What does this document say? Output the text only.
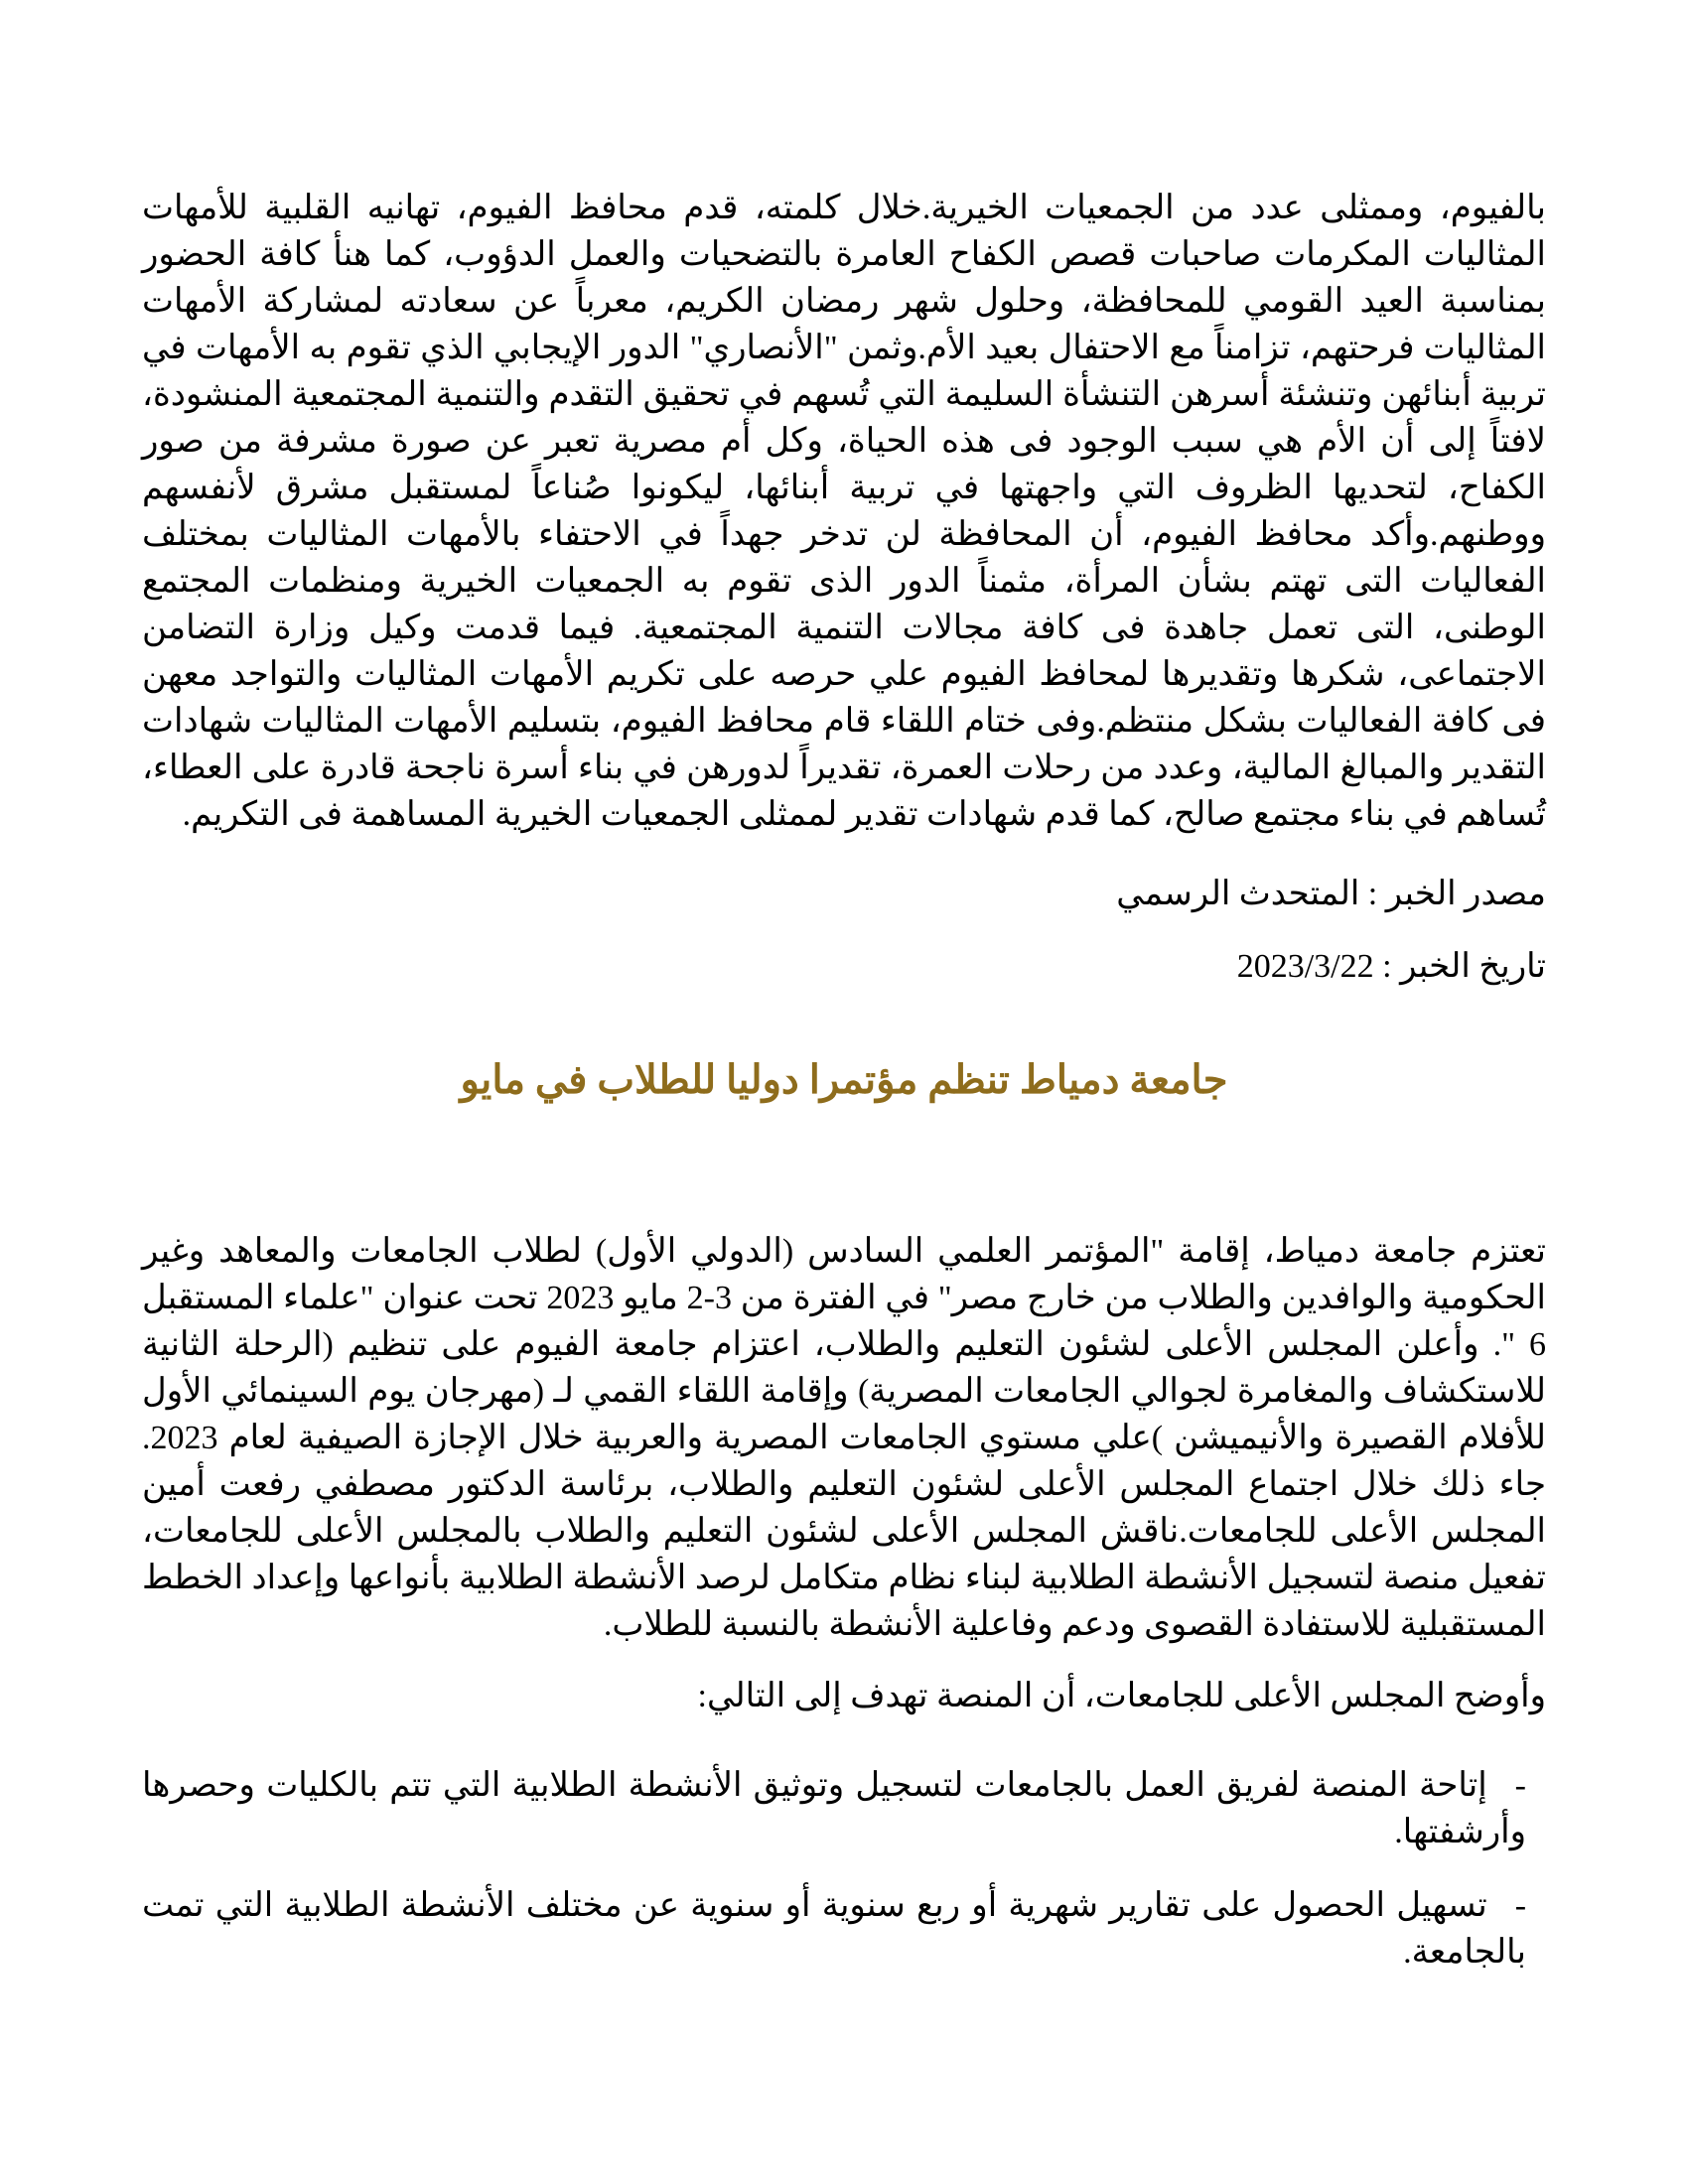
بالفيوم، وممثلى عدد من الجمعيات الخيرية.خلال كلمته، قدم محافظ الفيوم، تهانيه القلبية للأمهات المثاليات المكرمات صاحبات قصص الكفاح العامرة بالتضحيات والعمل الدؤوب، كما هنأ كافة الحضور بمناسبة العيد القومي للمحافظة، وحلول شهر رمضان الكريم، معرباً عن سعادته لمشاركة الأمهات المثاليات فرحتهم، تزامناً مع الاحتفال بعيد الأم.وثمن "الأنصاري" الدور الإيجابي الذي تقوم به الأمهات في تربية أبنائهن وتنشئة أسرهن التنشأة السليمة التي تُسهم في تحقيق التقدم والتنمية المجتمعية المنشودة، لافتاً إلى أن الأم هي سبب الوجود فى هذه الحياة، وكل أم مصرية تعبر عن صورة مشرفة من صور الكفاح، لتحديها الظروف التي واجهتها في تربية أبنائها، ليكونوا صُناعاً لمستقبل مشرق لأنفسهم ووطنهم.وأكد محافظ الفيوم، أن المحافظة لن تدخر جهداً في الاحتفاء بالأمهات المثاليات بمختلف الفعاليات التى تهتم بشأن المرأة، مثمناً الدور الذى تقوم به الجمعيات الخيرية ومنظمات المجتمع الوطنى، التى تعمل جاهدة فى كافة مجالات التنمية المجتمعية. فيما قدمت وكيل وزارة التضامن الاجتماعى، شكرها وتقديرها لمحافظ الفيوم علي حرصه على تكريم الأمهات المثاليات والتواجد معهن فى كافة الفعاليات بشكل منتظم.وفى ختام اللقاء قام محافظ الفيوم، بتسليم الأمهات المثاليات شهادات التقدير والمبالغ المالية، وعدد من رحلات العمرة، تقديراً لدورهن في بناء أسرة ناجحة قادرة على العطاء، تُساهم في بناء مجتمع صالح، كما قدم شهادات تقدير لممثلى الجمعيات الخيرية المساهمة فى التكريم.

مصدر الخبر : المتحدث الرسمي

تاريخ الخبر : 2023/3/22

جامعة دمياط تنظم مؤتمرا دوليا للطلاب في مايو

تعتزم جامعة دمياط، إقامة "المؤتمر العلمي السادس (الدولي الأول) لطلاب الجامعات والمعاهد وغير الحكومية والوافدين والطلاب من خارج مصر" في الفترة من 3-2 مايو 2023 تحت عنوان "علماء المستقبل 6 ". وأعلن المجلس الأعلى لشئون التعليم والطلاب، اعتزام جامعة الفيوم على تنظيم (الرحلة الثانية للاستكشاف والمغامرة لجوالي الجامعات المصرية) وإقامة اللقاء القمي لـ (مهرجان يوم السينمائي الأول للأفلام القصيرة والأنيميشن )علي مستوي الجامعات المصرية والعربية خلال الإجازة الصيفية لعام 2023. جاء ذلك خلال اجتماع المجلس الأعلى لشئون التعليم والطلاب، برئاسة الدكتور مصطفي رفعت أمين المجلس الأعلى للجامعات.ناقش المجلس الأعلى لشئون التعليم والطلاب بالمجلس الأعلى للجامعات، تفعيل منصة لتسجيل الأنشطة الطلابية لبناء نظام متكامل لرصد الأنشطة الطلابية بأنواعها وإعداد الخطط المستقبلية للاستفادة القصوى ودعم وفاعلية الأنشطة بالنسبة للطلاب.

وأوضح المجلس الأعلى للجامعات، أن المنصة تهدف إلى التالي:

-إتاحة المنصة لفريق العمل بالجامعات لتسجيل وتوثيق الأنشطة الطلابية التي تتم بالكليات وحصرها وأرشفتها.

-تسهيل الحصول على تقارير شهرية أو ربع سنوية أو سنوية عن مختلف الأنشطة الطلابية التي تمت بالجامعة.
